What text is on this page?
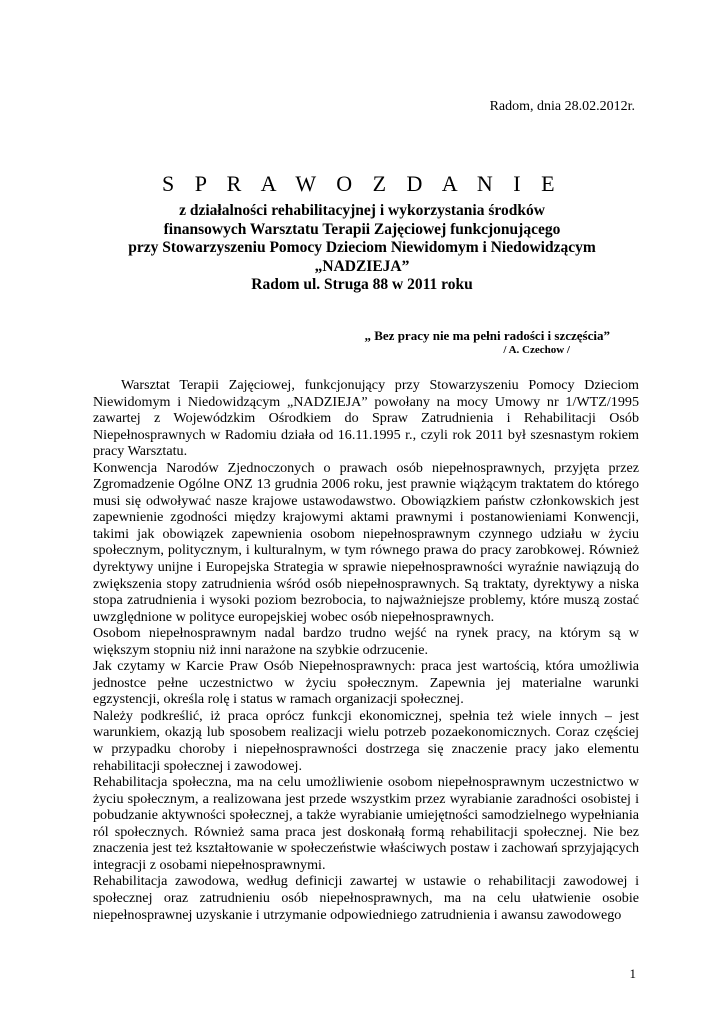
Radom, dnia 28.02.2012r.
S P R A W O Z D A N I E
z działalności rehabilitacyjnej i wykorzystania środków
finansowych Warsztatu Terapii Zajęciowej funkcjonującego
przy Stowarzyszeniu Pomocy Dzieciom Niewidomym i Niedowidzącym
„NADZIEJA”
Radom ul. Struga 88 w 2011 roku
„ Bez pracy nie ma pełni radości i szczęścia”
/ A. Czechow /

Warsztat Terapii Zajęciowej, funkcjonujący przy Stowarzyszeniu Pomocy Dzieciom Niewidomym i Niedowidzącym „NADZIEJA” powołany na mocy Umowy nr 1/WTZ/1995 zawartej z Wojewódzkim Ośrodkiem do Spraw Zatrudnienia i Rehabilitacji Osób Niepełnosprawnych w Radomiu działa od 16.11.1995 r., czyli rok 2011 był szesnastym rokiem pracy Warsztatu.

Konwencja Narodów Zjednoczonych o prawach osób niepełnosprawnych, przyjęta przez Zgromadzenie Ogólne ONZ 13 grudnia 2006 roku, jest prawnie wiążącym traktatem do którego musi się odwoływać nasze krajowe ustawodawstwo. Obowiązkiem państw członkowskich jest zapewnienie zgodności między krajowymi aktami prawnymi i postanowieniami Konwencji, takimi jak obowiązek zapewnienia osobom niepełnosprawnym czynnego udziału w życiu społecznym, politycznym, i kulturalnym, w tym równego prawa do pracy zarobkowej. Również dyrektywy unijne i Europejska Strategia w sprawie niepełnosprawności wyraźnie nawiązują do zwiększenia stopy zatrudnienia wśród osób niepełnosprawnych. Są traktaty, dyrektywy a niska stopa zatrudnienia i wysoki poziom bezrobocia, to najważniejsze problemy, które muszą zostać uwzględnione w polityce europejskiej wobec osób niepełnosprawnych.

Osobom niepełnosprawnym nadal bardzo trudno wejść na rynek pracy, na którym są w większym stopniu niż inni narażone na szybkie odrzucenie.

Jak czytamy w Karcie Praw Osób Niepełnosprawnych: praca jest wartością, która umożliwia jednostce pełne uczestnictwo w życiu społecznym. Zapewnia jej materialne warunki egzystencji, określa rolę i status w ramach organizacji społecznej.

Należy podkreślić, iż praca oprócz funkcji ekonomicznej, spełnia też wiele innych – jest warunkiem, okazją lub sposobem realizacji wielu potrzeb pozaekonomicznych. Coraz częściej w przypadku choroby i niepełnosprawności dostrzega się znaczenie pracy jako elementu rehabilitacji społecznej i zawodowej.

Rehabilitacja społeczna, ma na celu umożliwienie osobom niepełnosprawnym uczestnictwo w życiu społecznym, a realizowana jest przede wszystkim przez wyrabianie zaradności osobistej i pobudzanie aktywności społecznej, a także wyrabianie umiejętności samodzielnego wypełniania ról społecznych. Również sama praca jest doskonałą formą rehabilitacji społecznej. Nie bez znaczenia jest też kształtowanie w społeczeństwie właściwych postaw i zachowań sprzyjających integracji z osobami niepełnosprawnymi.

Rehabilitacja zawodowa, według definicji zawartej w ustawie o rehabilitacji zawodowej i społecznej oraz zatrudnieniu osób niepełnosprawnych, ma na celu ułatwienie osobie niepełnosprawnej uzyskanie i utrzymanie odpowiedniego zatrudnienia i awansu zawodowego

1
